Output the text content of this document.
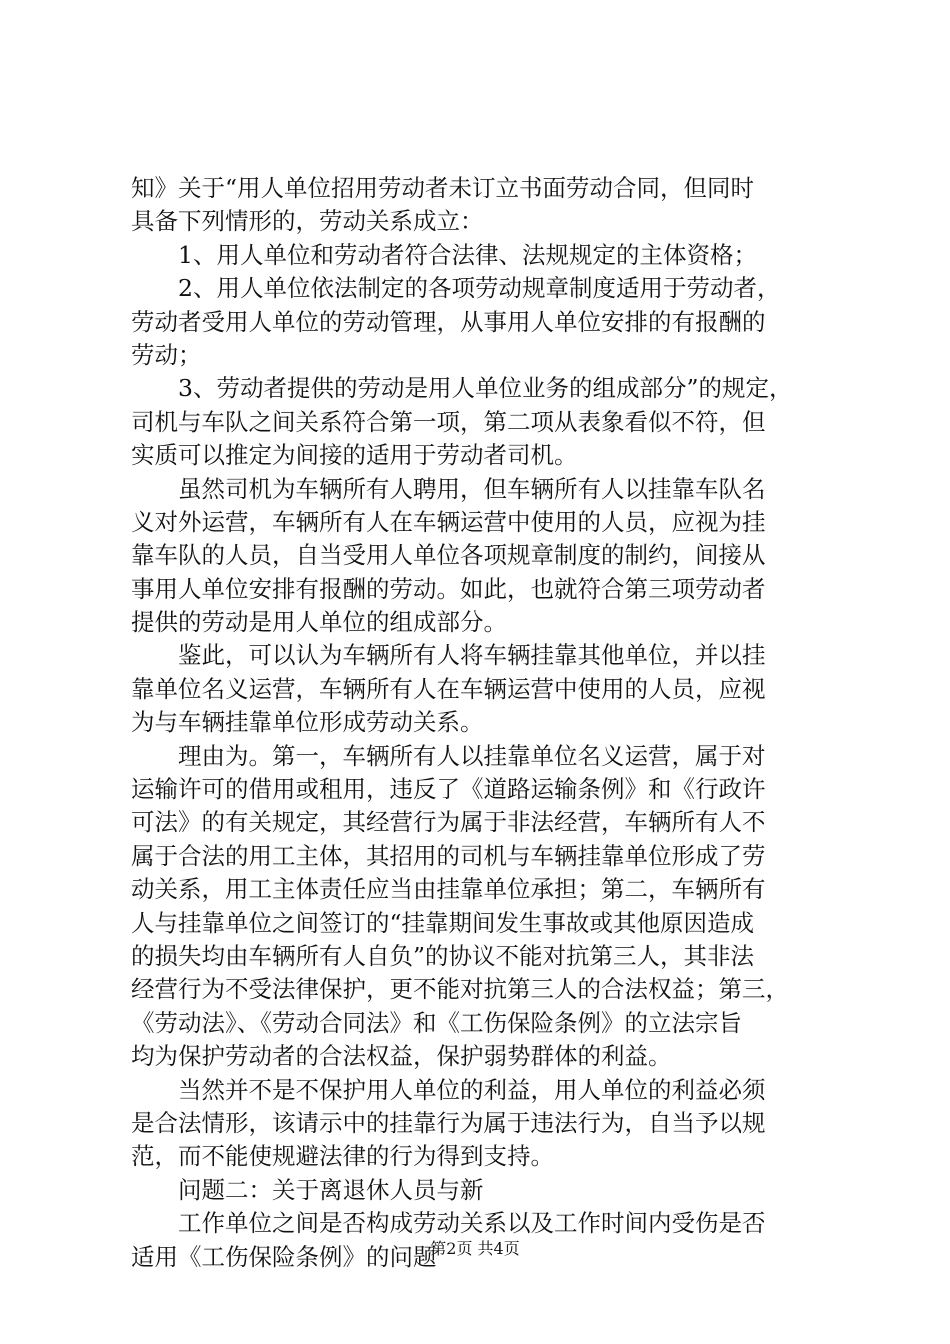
知》关于“用人单位招用劳动者未订立书面劳动合同，但同时
具备下列情形的，劳动关系成立：
　　1、用人单位和劳动者符合法律、法规规定的主体资格；
　　2、用人单位依法制定的各项劳动规章制度适用于劳动者，
劳动者受用人单位的劳动管理，从事用人单位安排的有报酬的
劳动；
　　3、劳动者提供的劳动是用人单位业务的组成部分”的规定，
司机与车队之间关系符合第一项，第二项从表象看似不符，但
实质可以推定为间接的适用于劳动者司机。
　　虽然司机为车辆所有人聘用，但车辆所有人以挂靠车队名
义对外运营，车辆所有人在车辆运营中使用的人员，应视为挂
靠车队的人员，自当受用人单位各项规章制度的制约，间接从
事用人单位安排有报酬的劳动。如此，也就符合第三项劳动者
提供的劳动是用人单位的组成部分。
　　鉴此，可以认为车辆所有人将车辆挂靠其他单位，并以挂
靠单位名义运营，车辆所有人在车辆运营中使用的人员，应视
为与车辆挂靠单位形成劳动关系。
　　理由为。第一，车辆所有人以挂靠单位名义运营，属于对
运输许可的借用或租用，违反了《道路运输条例》和《行政许
可法》的有关规定，其经营行为属于非法经营，车辆所有人不
属于合法的用工主体，其招用的司机与车辆挂靠单位形成了劳
动关系，用工主体责任应当由挂靠单位承担；第二，车辆所有
人与挂靠单位之间签订的“挂靠期间发生事故或其他原因造成
的损失均由车辆所有人自负”的协议不能对抗第三人，其非法
经营行为不受法律保护，更不能对抗第三人的合法权益；第三，
《劳动法》、《劳动合同法》和《工伤保险条例》的立法宗旨
均为保护劳动者的合法权益，保护弱势群体的利益。
　　当然并不是不保护用人单位的利益，用人单位的利益必须
是合法情形，该请示中的挂靠行为属于违法行为，自当予以规
范，而不能使规避法律的行为得到支持。
　　问题二：关于离退休人员与新
　　工作单位之间是否构成劳动关系以及工作时间内受伤是否
适用《工伤保险条例》的问题
第2页 共4页
